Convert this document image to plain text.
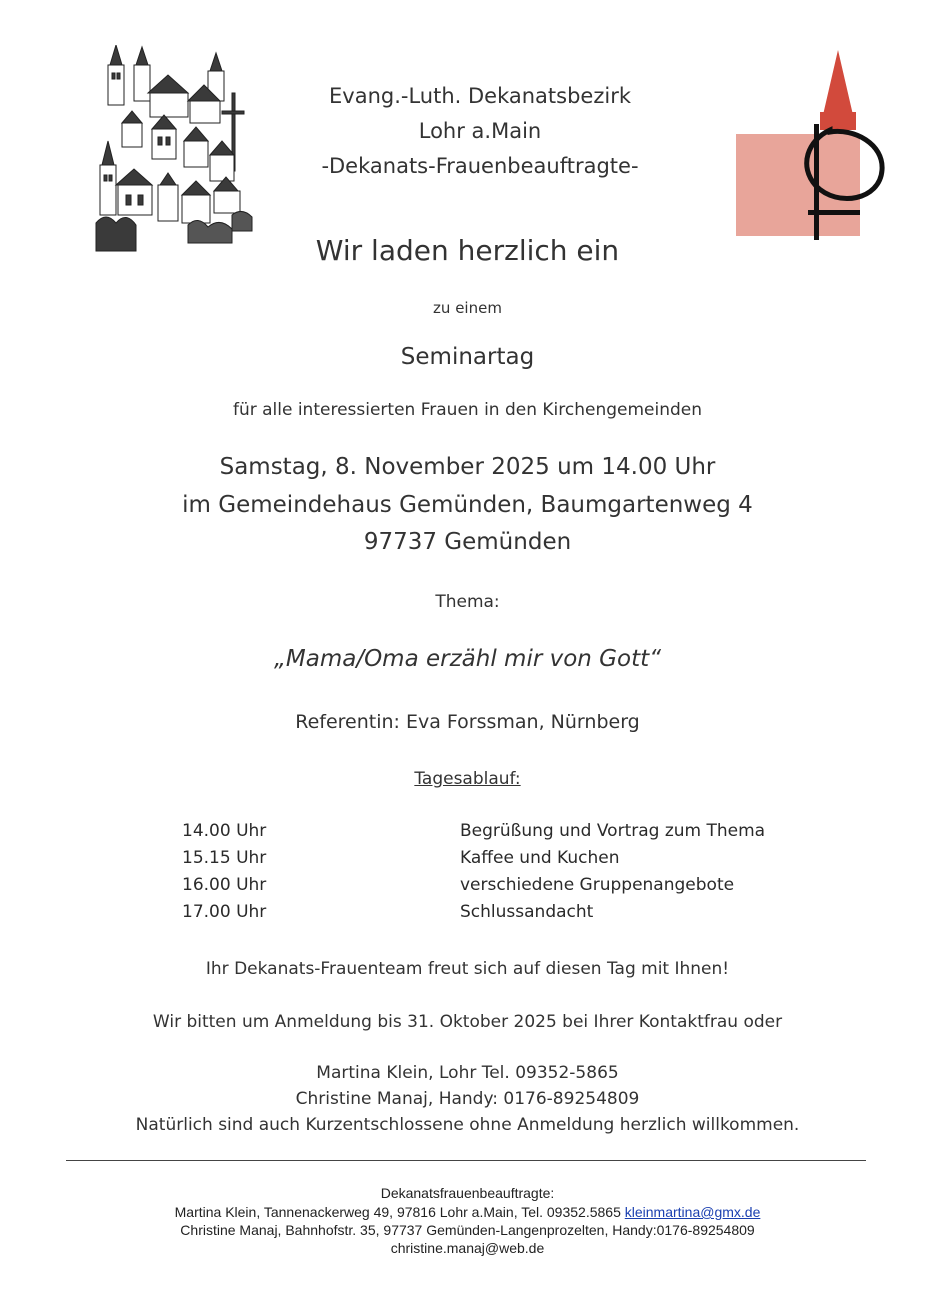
Evang.-Luth. Dekanatsbezirk
Lohr a.Main
-Dekanats-Frauenbeauftragte-
Wir laden herzlich ein
zu einem
Seminartag
für alle interessierten Frauen in den Kirchengemeinden
Samstag, 8. November 2025 um 14.00 Uhr
im Gemeindehaus Gemünden, Baumgartenweg 4
97737 Gemünden
Thema:
„Mama/Oma erzähl mir von Gott“
Referentin: Eva Forssman, Nürnberg
Tagesablauf:
14.00 Uhr	Begrüßung und Vortrag zum Thema
15.15 Uhr	Kaffee und Kuchen
16.00 Uhr	verschiedene Gruppenangebote
17.00 Uhr	Schlussandacht
Ihr Dekanats-Frauenteam freut sich auf diesen Tag mit Ihnen!
Wir bitten um Anmeldung bis 31. Oktober 2025 bei Ihrer Kontaktfrau oder
Martina Klein, Lohr Tel. 09352-5865
Christine Manaj, Handy: 0176-89254809
Natürlich sind auch Kurzentschlossene ohne Anmeldung herzlich willkommen.
Dekanatsfrauenbeauftragte:
Martina Klein, Tannenackerweg 49, 97816 Lohr a.Main, Tel. 09352.5865 kleinmartina@gmx.de
Christine Manaj, Bahnhofstr. 35, 97737 Gemünden-Langenprozelten, Handy:0176-89254809
christine.manaj@web.de
